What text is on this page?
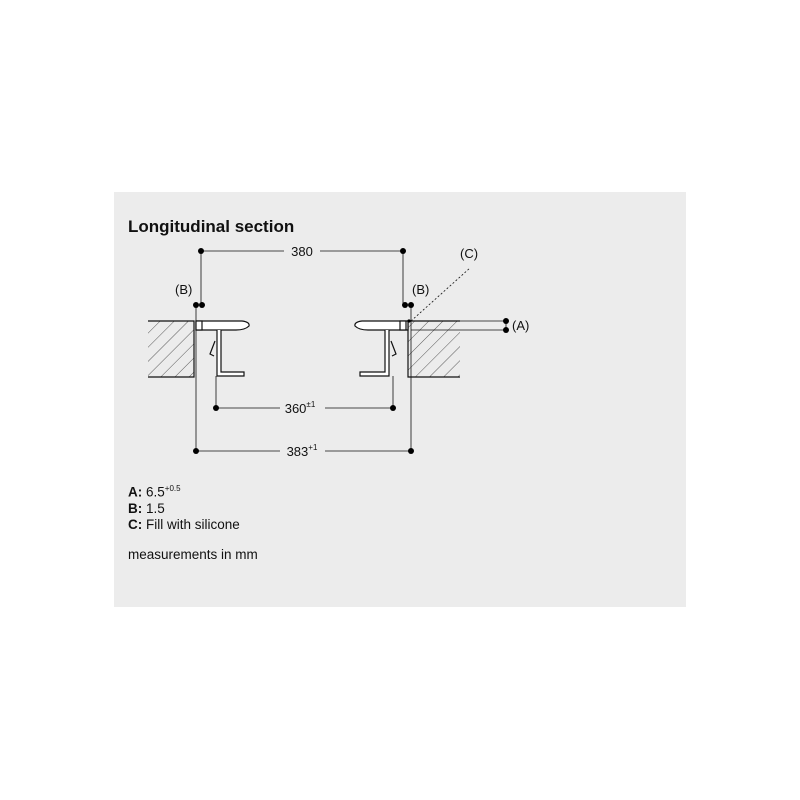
Longitudinal section

A: $6.5^{+0.5}$
B: 1.5
C: Fill with silicone
measurements in mm
380
$360^{\pm 1}$
$383^{+1}$
(B)	(B)
(C)
(A)
